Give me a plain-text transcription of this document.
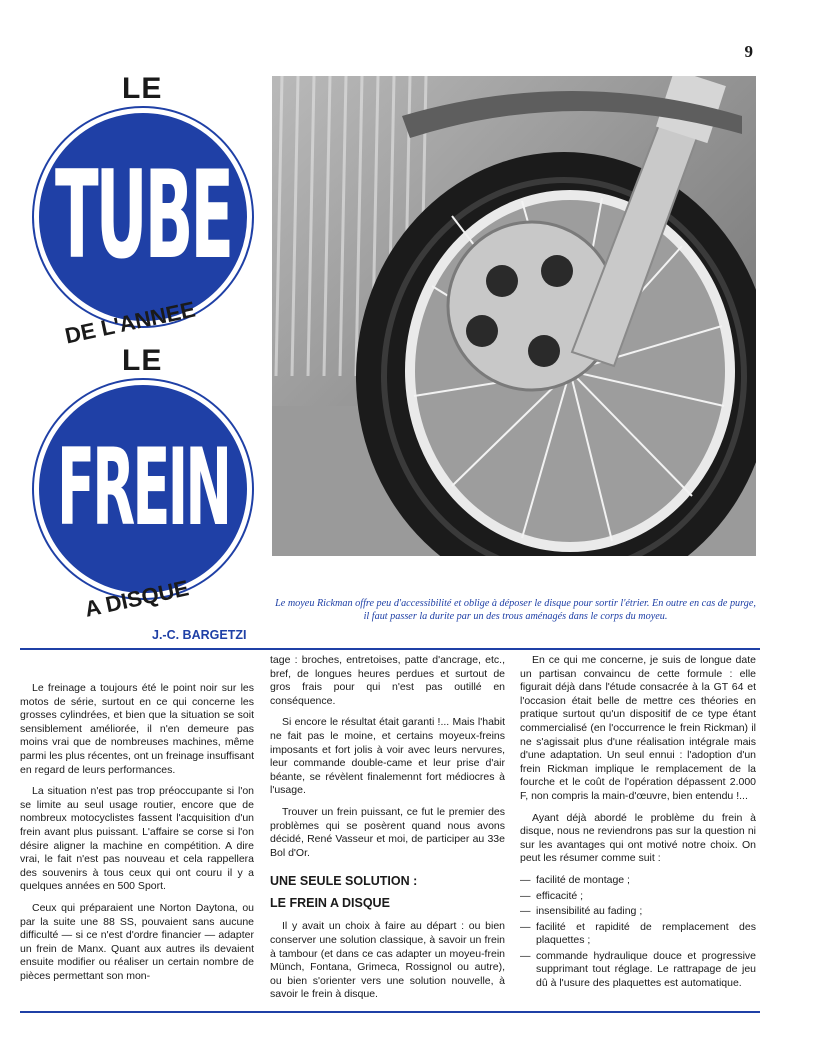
9
LE
TUBE
DE L'ANNEE
LE
FREIN
A DISQUE	Le moyeu Rickman offre peu d'accessibilité et oblige à déposer le disque pour sortir l'étrier. En outre en cas de purge, il faut passer la durite par un des trous aménagés dans le corps du moyeu.
J.-C. BARGETZI

Le freinage a toujours été le point noir sur les motos de série, surtout en ce qui concerne les grosses cylindrées, et bien que la situation se soit sensiblement améliorée, il n'en demeure pas moins vrai que de nombreuses machines, même parmi les plus récentes, ont un freinage insuffisant en regard de leurs performances.

La situation n'est pas trop préoccupante si l'on se limite au seul usage routier, encore que de nombreux motocyclistes fassent l'acquisition d'un frein avant plus puissant. L'affaire se corse si l'on désire aligner la machine en compétition. A dire vrai, le fait n'est pas nouveau et cela rappellera des souvenirs à tous ceux qui ont couru il y a quelques années en 500 Sport.

Ceux qui préparaient une Norton Daytona, ou par la suite une 88 SS, pouvaient sans aucune difficulté — si ce n'est d'ordre financier — adapter un frein de Manx. Quant aux autres ils devaient ensuite modifier ou réaliser un certain nombre de pièces permettant son mon-

tage : broches, entretoises, patte d'ancrage, etc., bref, de longues heures perdues et surtout de gros frais pour qui n'est pas outillé en conséquence.

Si encore le résultat était garanti !... Mais l'habit ne fait pas le moine, et certains moyeux-freins imposants et fort jolis à voir avec leurs nervures, leur commande double-came et leur prise d'air béante, se révèlent finalemennt fort médiocres à l'usage.

Trouver un frein puissant, ce fut le premier des problèmes qui se posèrent quand nous avons décidé, René Vasseur et moi, de participer au 33e Bol d'Or.

UNE SEULE SOLUTION :
LE FREIN A DISQUE

Il y avait un choix à faire au départ : ou bien conserver une solution classique, à savoir un frein à tambour (et dans ce cas adapter un moyeu-frein Münch, Fontana, Grimeca, Rossignol ou autre), ou bien s'orienter vers une solution nouvelle, à savoir le frein à disque.

En ce qui me concerne, je suis de longue date un partisan convaincu de cette formule : elle figurait déjà dans l'étude consacrée à la GT 64 et l'occasion était belle de mettre ces théories en pratique surtout qu'un dispositif de ce type étant commercialisé (en l'occurrence le frein Rickman) il ne s'agissait plus d'une réalisation intégrale mais d'une adaptation. Un seul ennui : l'adoption d'un frein Rickman implique le remplacement de la fourche et le coût de l'opération dépassent 2.000 F, non compris la main-d'œuvre, bien entendu !...

Ayant déjà abordé le problème du frein à disque, nous ne reviendrons pas sur la question ni sur les avantages qui ont motivé notre choix. On peut les résumer comme suit :

— facilité de montage ;
— efficacité ;
— insensibilité au fading ;
— facilité et rapidité de remplacement des plaquettes ;
— commande hydraulique douce et progressive supprimant tout réglage. Le rattrapage de jeu dû à l'usure des plaquettes est automatique.
